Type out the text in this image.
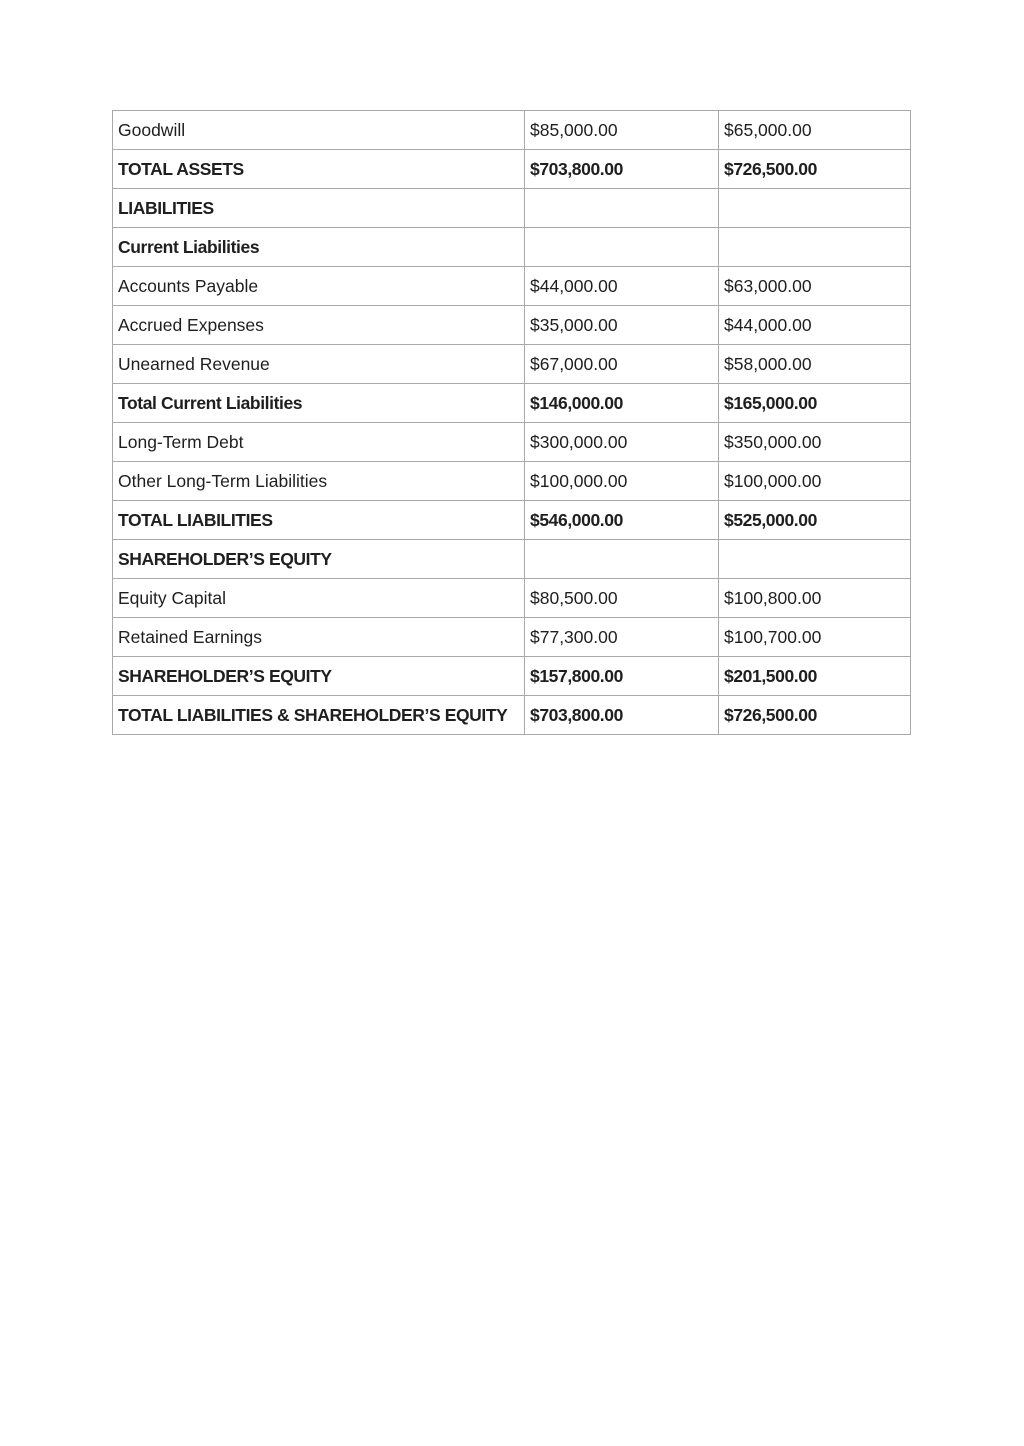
Goodwill	$85,000.00	$65,000.00
TOTAL ASSETS	$703,800.00	$726,500.00
LIABILITIES		
Current Liabilities		
Accounts Payable	$44,000.00	$63,000.00
Accrued Expenses	$35,000.00	$44,000.00
Unearned Revenue	$67,000.00	$58,000.00
Total Current Liabilities	$146,000.00	$165,000.00
Long-Term Debt	$300,000.00	$350,000.00
Other Long-Term Liabilities	$100,000.00	$100,000.00
TOTAL LIABILITIES	$546,000.00	$525,000.00
SHAREHOLDER’S EQUITY		
Equity Capital	$80,500.00	$100,800.00
Retained Earnings	$77,300.00	$100,700.00
SHAREHOLDER’S EQUITY	$157,800.00	$201,500.00
TOTAL LIABILITIES & SHAREHOLDER’S EQUITY	$703,800.00	$726,500.00
